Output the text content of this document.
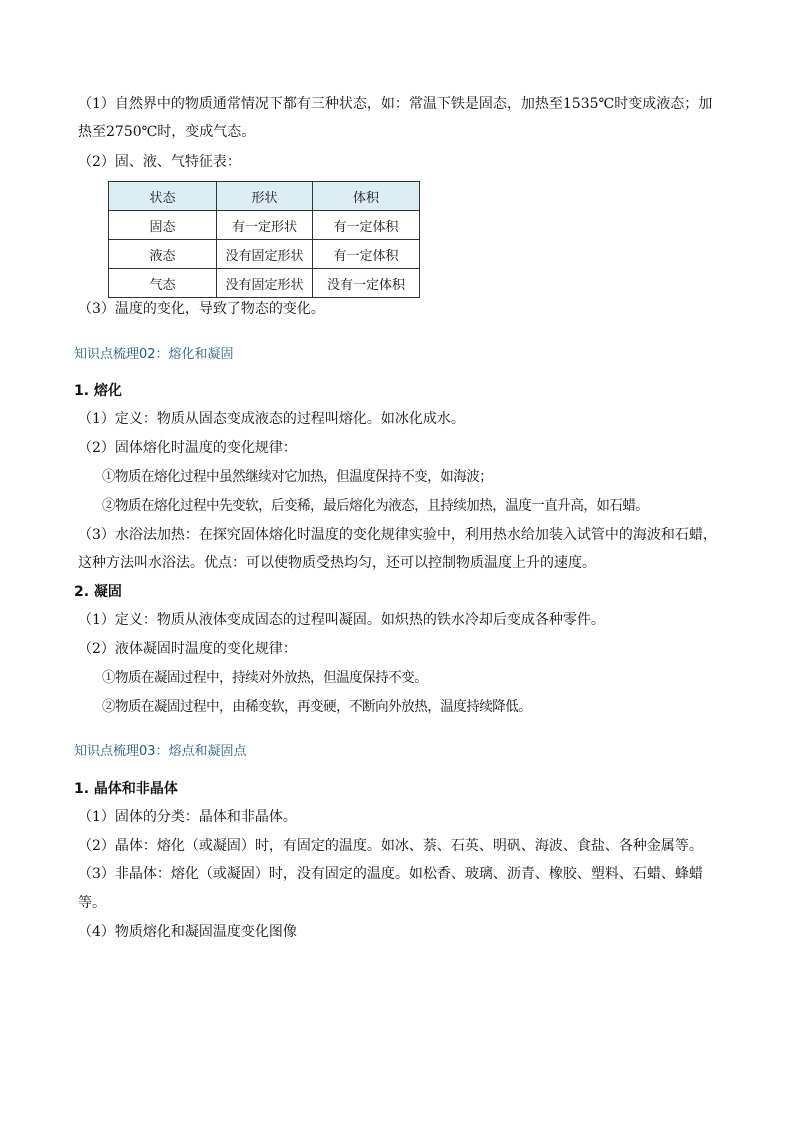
（1）自然界中的物质通常情况下都有三种状态，如：常温下铁是固态，加热至1535℃时变成液态；加
热至2750℃时，变成气态。
（2）固、液、气特征表：
状态	形状	体积
固态	有一定形状	有一定体积
液态	没有固定形状	有一定体积
气态	没有固定形状	没有一定体积
（3）温度的变化，导致了物态的变化。
知识点梳理02：熔化和凝固
1. 熔化
（1）定义：物质从固态变成液态的过程叫熔化。如冰化成水。
（2）固体熔化时温度的变化规律：
①物质在熔化过程中虽然继续对它加热，但温度保持不变，如海波；
②物质在熔化过程中先变软，后变稀，最后熔化为液态，且持续加热，温度一直升高，如石蜡。
（3）水浴法加热：在探究固体熔化时温度的变化规律实验中，利用热水给加装入试管中的海波和石蜡，
这种方法叫水浴法。优点：可以使物质受热均匀，还可以控制物质温度上升的速度。
2. 凝固
（1）定义：物质从液体变成固态的过程叫凝固。如炽热的铁水冷却后变成各种零件。
（2）液体凝固时温度的变化规律：
①物质在凝固过程中，持续对外放热，但温度保持不变。
②物质在凝固过程中，由稀变软，再变硬，不断向外放热，温度持续降低。
知识点梳理03：熔点和凝固点
1. 晶体和非晶体
（1）固体的分类：晶体和非晶体。
（2）晶体：熔化（或凝固）时，有固定的温度。如冰、萘、石英、明矾、海波、食盐、各种金属等。
（3）非晶体：熔化（或凝固）时，没有固定的温度。如松香、玻璃、沥青、橡胶、塑料、石蜡、蜂蜡
等。
（4）物质熔化和凝固温度变化图像
